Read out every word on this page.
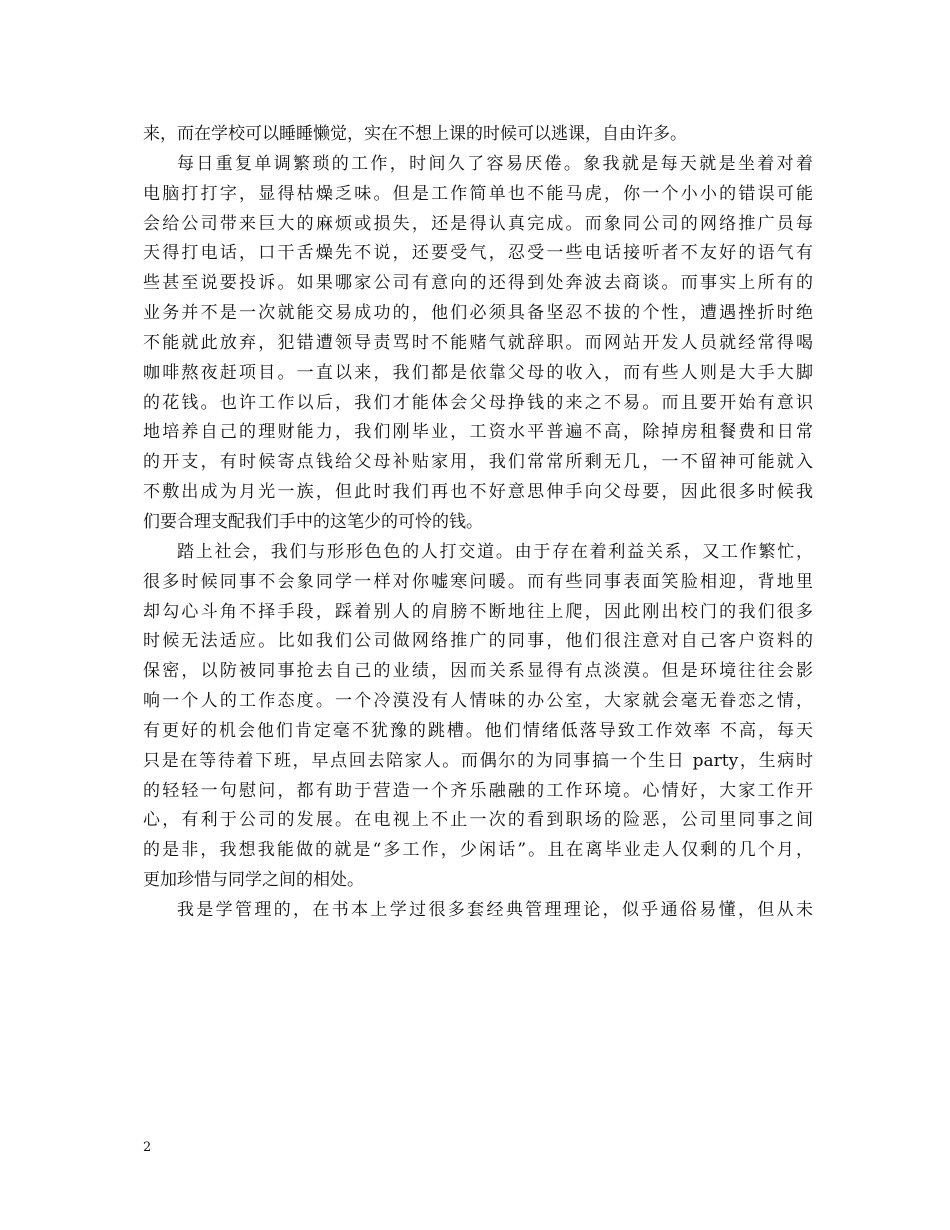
来，而在学校可以睡睡懒觉，实在不想上课的时候可以逃课，自由许多。
每日重复单调繁琐的工作，时间久了容易厌倦。象我就是每天就是坐着对着
电脑打打字，显得枯燥乏味。但是工作简单也不能马虎，你一个小小的错误可能
会给公司带来巨大的麻烦或损失，还是得认真完成。而象同公司的网络推广员每
天得打电话，口干舌燥先不说，还要受气，忍受一些电话接听者不友好的语气有
些甚至说要投诉。如果哪家公司有意向的还得到处奔波去商谈。而事实上所有的
业务并不是一次就能交易成功的，他们必须具备坚忍不拔的个性，遭遇挫折时绝
不能就此放弃，犯错遭领导责骂时不能赌气就辞职。而网站开发人员就经常得喝
咖啡熬夜赶项目。一直以来，我们都是依靠父母的收入，而有些人则是大手大脚
的花钱。也许工作以后，我们才能体会父母挣钱的来之不易。而且要开始有意识
地培养自己的理财能力，我们刚毕业，工资水平普遍不高，除掉房租餐费和日常
的开支，有时候寄点钱给父母补贴家用，我们常常所剩无几，一不留神可能就入
不敷出成为月光一族，但此时我们再也不好意思伸手向父母要，因此很多时候我
们要合理支配我们手中的这笔少的可怜的钱。
踏上社会，我们与形形色色的人打交道。由于存在着利益关系，又工作繁忙，
很多时候同事不会象同学一样对你嘘寒问暖。而有些同事表面笑脸相迎，背地里
却勾心斗角不择手段，踩着别人的肩膀不断地往上爬，因此刚出校门的我们很多
时候无法适应。比如我们公司做网络推广的同事，他们很注意对自己客户资料的
保密，以防被同事抢去自己的业绩，因而关系显得有点淡漠。但是环境往往会影
响一个人的工作态度。一个冷漠没有人情味的办公室，大家就会毫无眷恋之情，
有更好的机会他们肯定毫不犹豫的跳槽。他们情绪低落导致工作效率 不高，每天
只是在等待着下班，早点回去陪家人。而偶尔的为同事搞一个生日 party，生病时
的轻轻一句慰问，都有助于营造一个齐乐融融的工作环境。心情好，大家工作开
心，有利于公司的发展。在电视上不止一次的看到职场的险恶，公司里同事之间
的是非，我想我能做的就是“多工作，少闲话”。且在离毕业走人仅剩的几个月，
更加珍惜与同学之间的相处。
我是学管理的，在书本上学过很多套经典管理理论，似乎通俗易懂，但从未
2
